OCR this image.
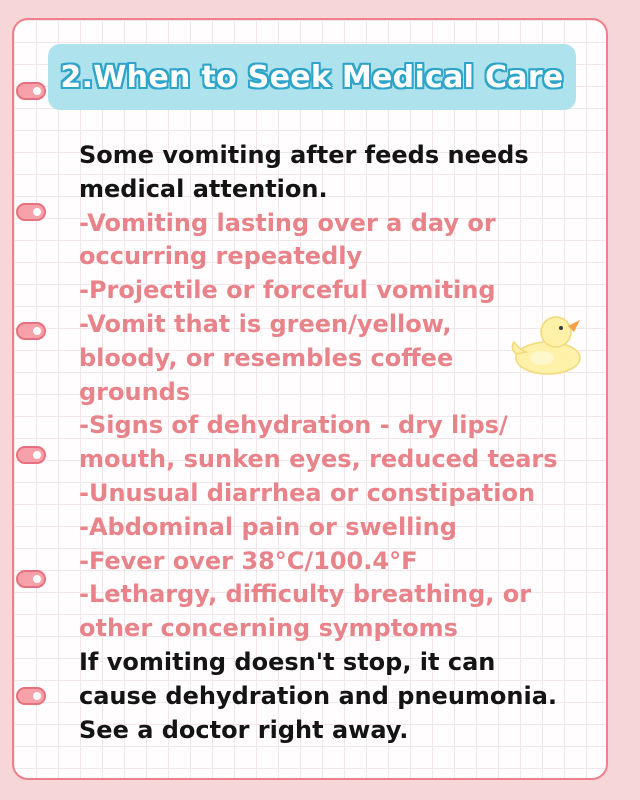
2.When to Seek Medical Care

Some vomiting after feeds needs

medical attention.

-Vomiting lasting over a day or

occurring repeatedly

-Projectile or forceful vomiting

-Vomit that is green/yellow,

bloody, or resembles coffee

grounds

-Signs of dehydration - dry lips/

mouth, sunken eyes, reduced tears

-Unusual diarrhea or constipation

-Abdominal pain or swelling

-Fever over 38°C/100.4°F

-Lethargy, difficulty breathing, or

other concerning symptoms

If vomiting doesn't stop, it can

cause dehydration and pneumonia.

See a doctor right away.
